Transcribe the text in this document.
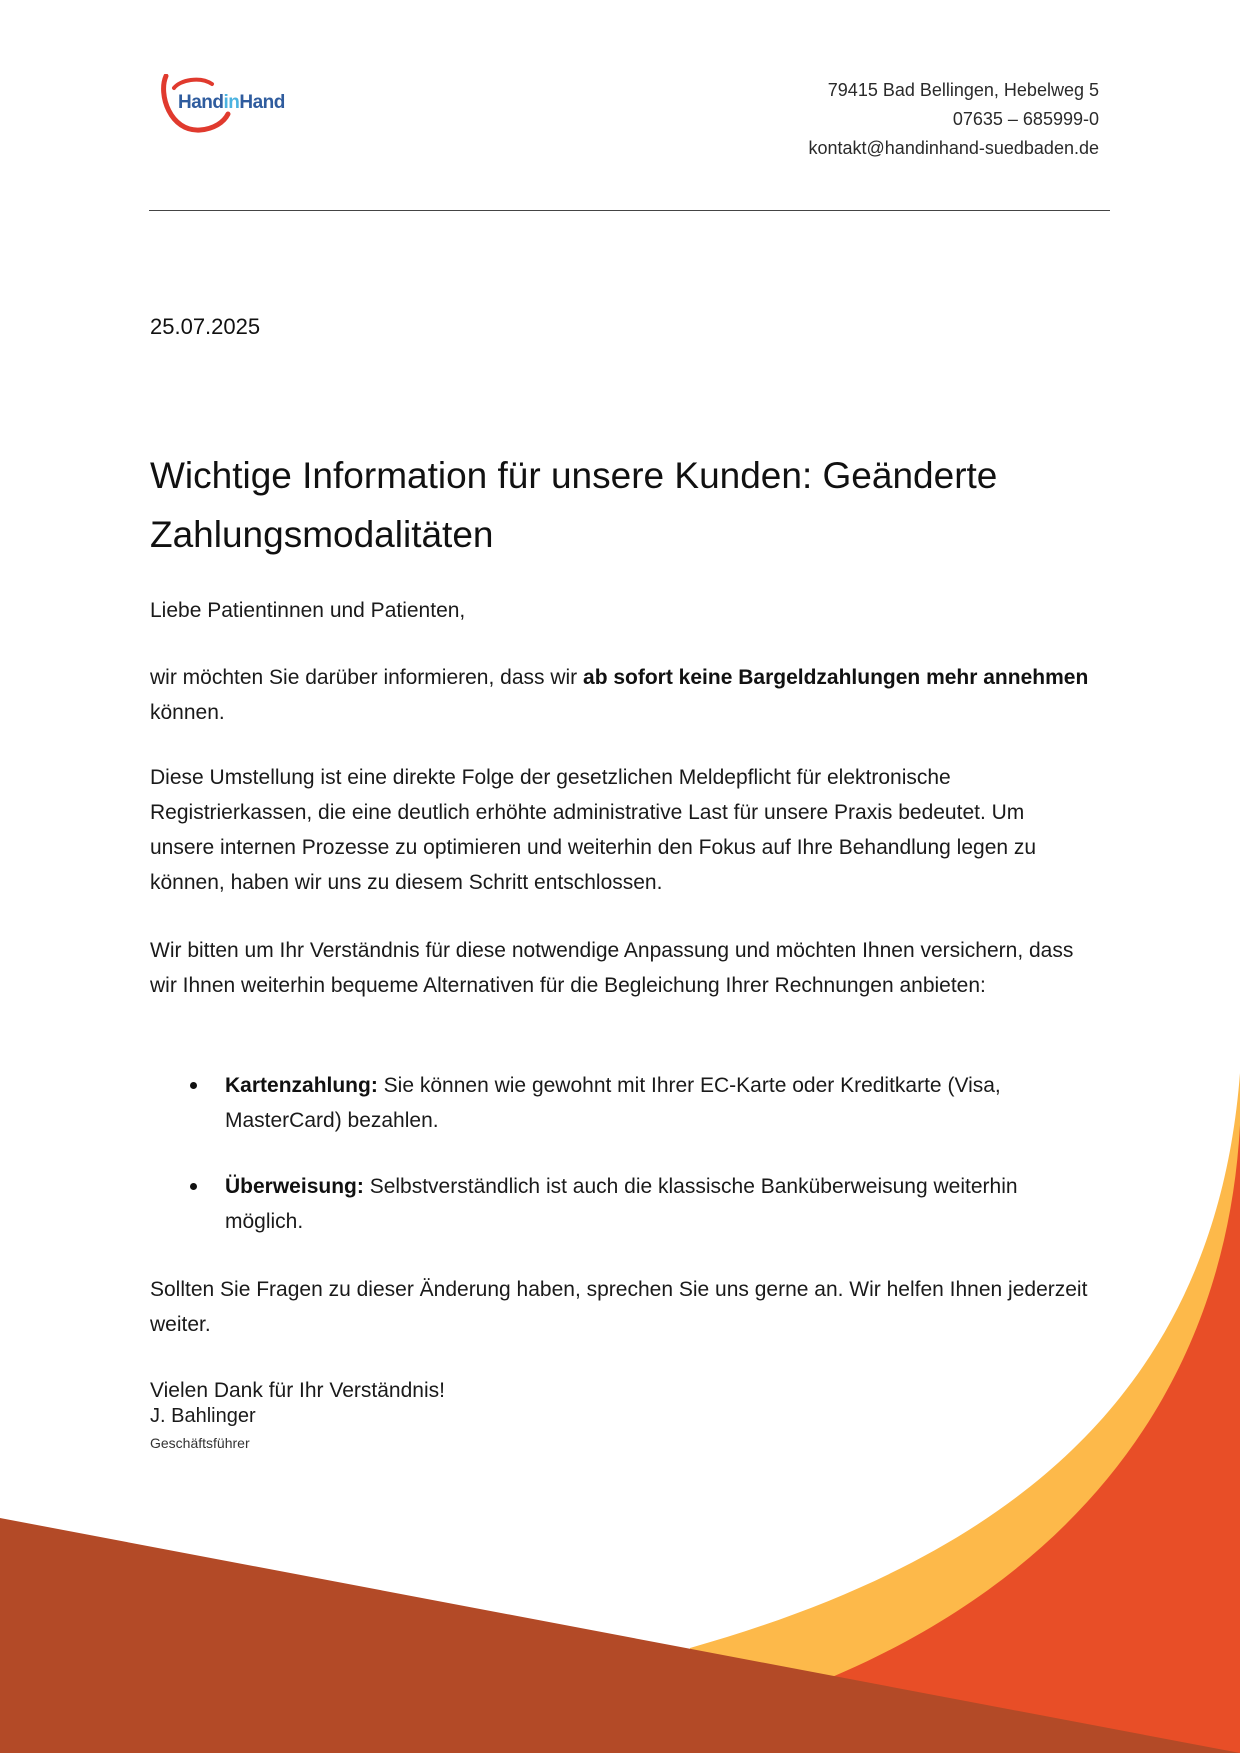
HandinHand
79415 Bad Bellingen, Hebelweg 5
07635 – 685999-0
kontakt@handinhand-suedbaden.de
25.07.2025
Wichtige Information für unsere Kunden: Geänderte Zahlungsmodalitäten

Liebe Patientinnen und Patienten,

wir möchten Sie darüber informieren, dass wir ab sofort keine Bargeldzahlungen mehr annehmen können.

Diese Umstellung ist eine direkte Folge der gesetzlichen Meldepflicht für elektronische Registrierkassen, die eine deutlich erhöhte administrative Last für unsere Praxis bedeutet. Um unsere internen Prozesse zu optimieren und weiterhin den Fokus auf Ihre Behandlung legen zu können, haben wir uns zu diesem Schritt entschlossen.

Wir bitten um Ihr Verständnis für diese notwendige Anpassung und möchten Ihnen versichern, dass wir Ihnen weiterhin bequeme Alternativen für die Begleichung Ihrer Rechnungen anbieten:

Kartenzahlung: Sie können wie gewohnt mit Ihrer EC-Karte oder Kreditkarte (Visa, MasterCard) bezahlen.
Überweisung: Selbstverständlich ist auch die klassische Banküberweisung weiterhin möglich.

Sollten Sie Fragen zu dieser Änderung haben, sprechen Sie uns gerne an. Wir helfen Ihnen jederzeit weiter.

Vielen Dank für Ihr Verständnis!

J. Bahlinger
Geschäftsführer
